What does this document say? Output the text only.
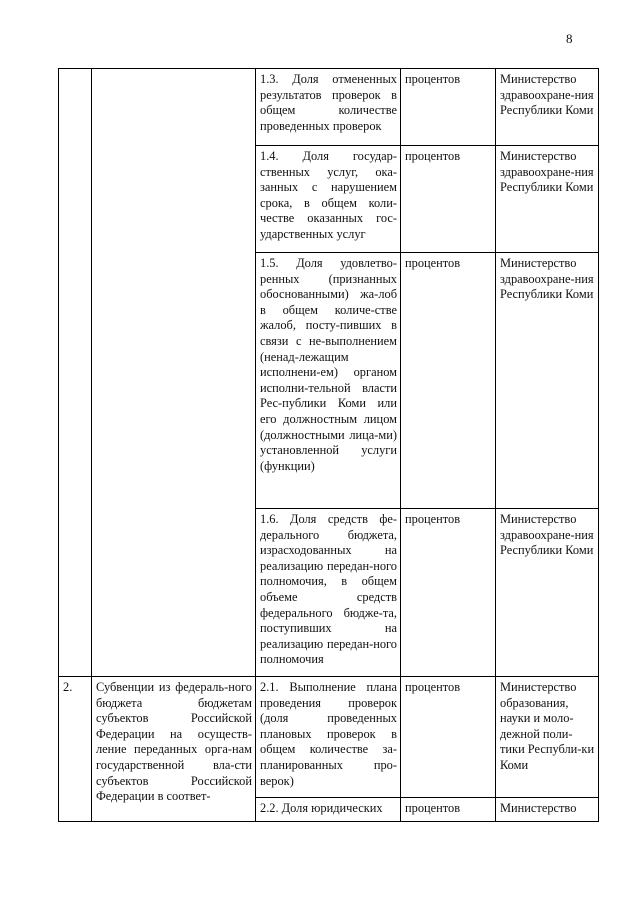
8
		1.3. Доля отмененных результатов проверок в общем количестве проведенных проверок	процентов	Министерство здравоохране-ния Республики Коми
		1.4. Доля государ-ственных услуг, ока-занных с нарушением срока, в общем коли-честве оказанных гос-ударственных услуг	процентов	Министерство здравоохране-ния Республики Коми
		1.5. Доля удовлетво-ренных (признанных обоснованными) жа-лоб в общем количе-стве жалоб, посту-пивших в связи с не-выполнением (ненад-лежащим исполнени-ем) органом исполни-тельной власти Рес-публики Коми или его должностным лицом (должностными лица-ми) установленной услуги (функции)	процентов	Министерство здравоохране-ния Республики Коми
		1.6. Доля средств фе-дерального бюджета, израсходованных на реализацию передан-ного полномочия, в общем объеме средств федерального бюдже-та, поступивших на реализацию передан-ного полномочия	процентов	Министерство здравоохране-ния Республики Коми
2.	Субвенции из федераль-ного бюджета бюджетам субъектов Российской Федерации на осуществ-ление переданных орга-нам государственной вла-сти субъектов Российской Федерации в соответ-	2.1. Выполнение плана проведения проверок (доля проведенных плановых проверок в общем количестве за-планированных про-верок)	процентов	Министерство образования, науки и моло-дежной поли-тики Республи-ки Коми
		2.2. Доля юридических	процентов	Министерство
